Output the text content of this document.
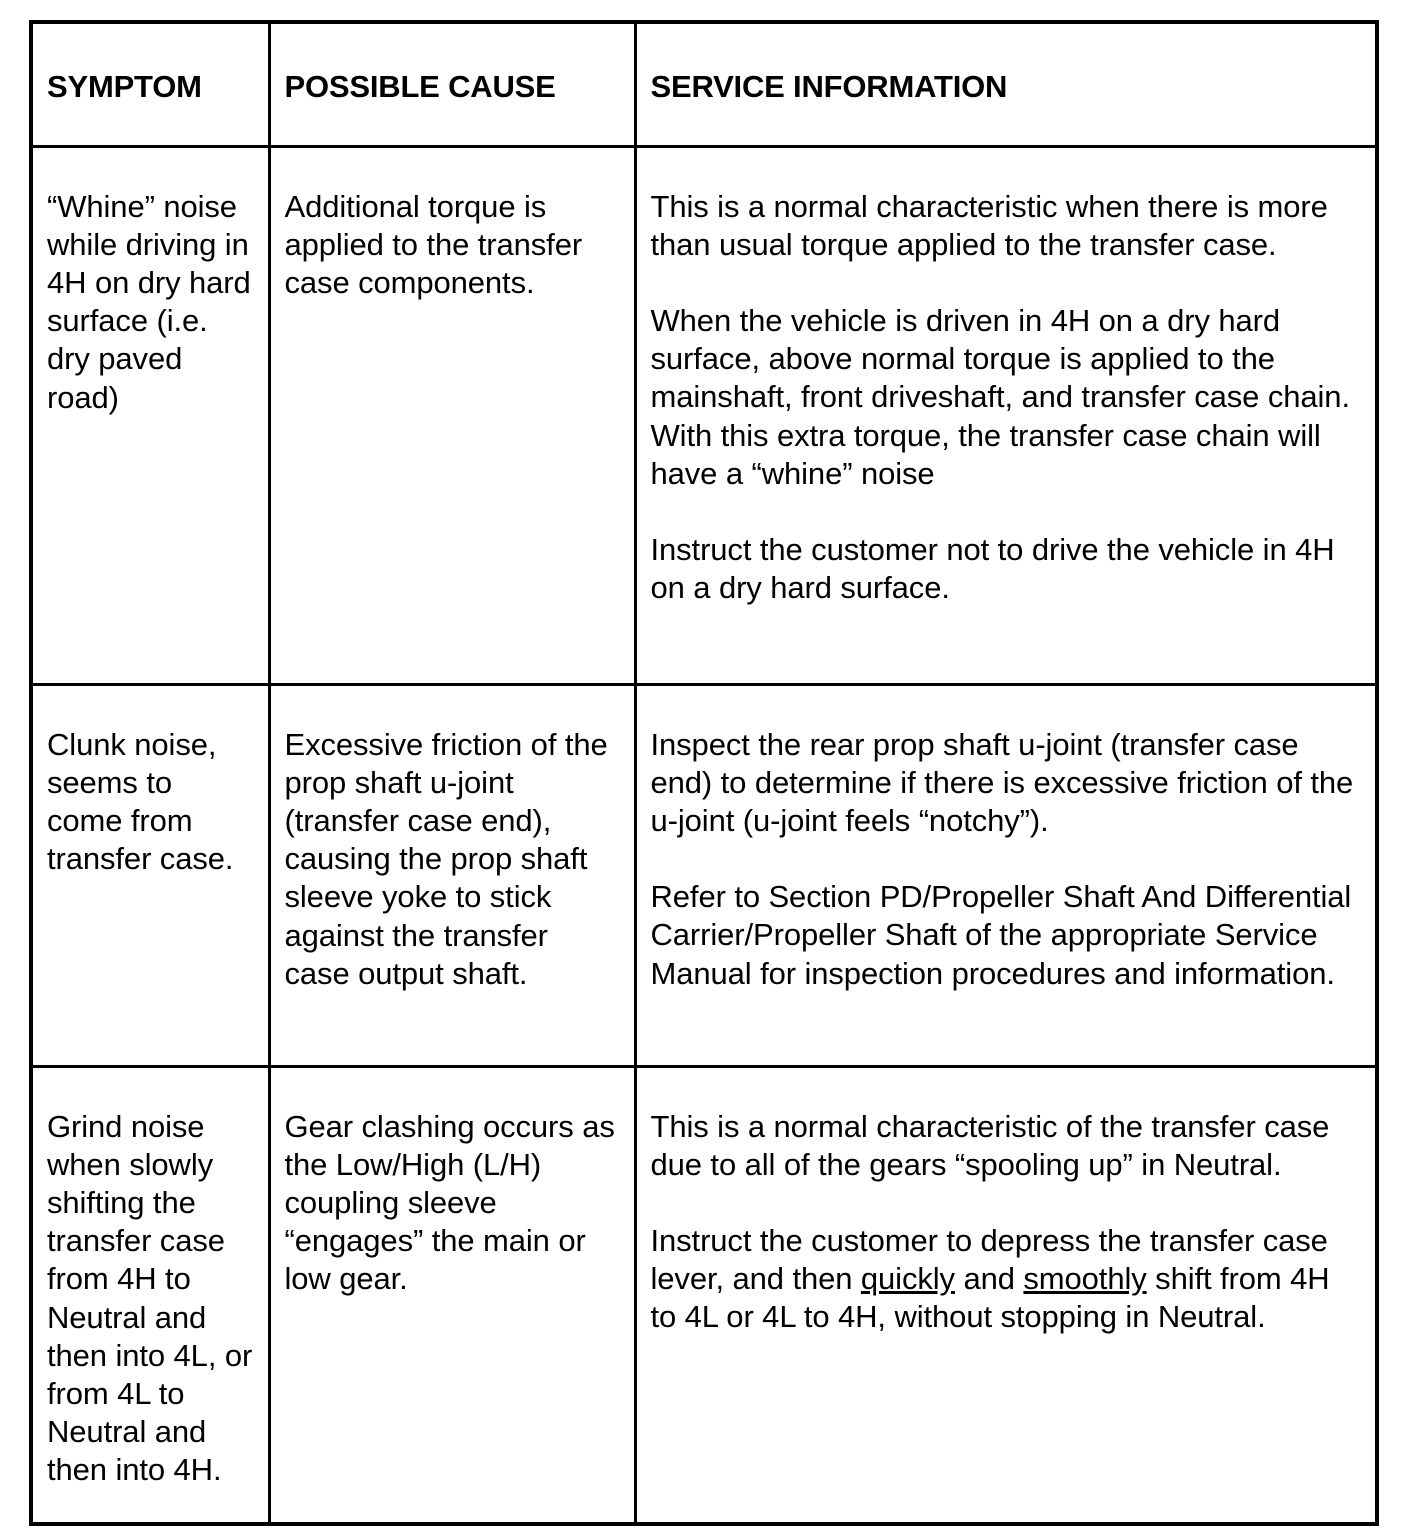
SYMPTOM	POSSIBLE CAUSE	SERVICE INFORMATION

“Whine” noise while driving in 4H on dry hard surface (i.e. dry paved road)	Additional torque is applied to the transfer case components.	This is a normal characteristic when there is more than usual torque applied to the transfer case.

When the vehicle is driven in 4H on a dry hard surface, above normal torque is applied to the mainshaft, front driveshaft, and transfer case chain. With this extra torque, the transfer case chain will have a “whine” noise

Instruct the customer not to drive the vehicle in 4H on a dry hard surface.

Clunk noise, seems to come from transfer case.	Excessive friction of the prop shaft u-joint (transfer case end), causing the prop shaft sleeve yoke to stick against the transfer case output shaft.	Inspect the rear prop shaft u-joint (transfer case end) to determine if there is excessive friction of the u-joint (u-joint feels “notchy”).

Refer to Section PD/Propeller Shaft And Differential Carrier/Propeller Shaft of the appropriate Service Manual for inspection procedures and information.

Grind noise when slowly shifting the transfer case from 4H to Neutral and then into 4L, or from 4L to Neutral and then into 4H.	Gear clashing occurs as the Low/High (L/H) coupling sleeve “engages” the main or low gear.	This is a normal characteristic of the transfer case due to all of the gears “spooling up” in Neutral.

Instruct the customer to depress the transfer case lever, and then quickly and smoothly shift from 4H to 4L or 4L to 4H, without stopping in Neutral.
